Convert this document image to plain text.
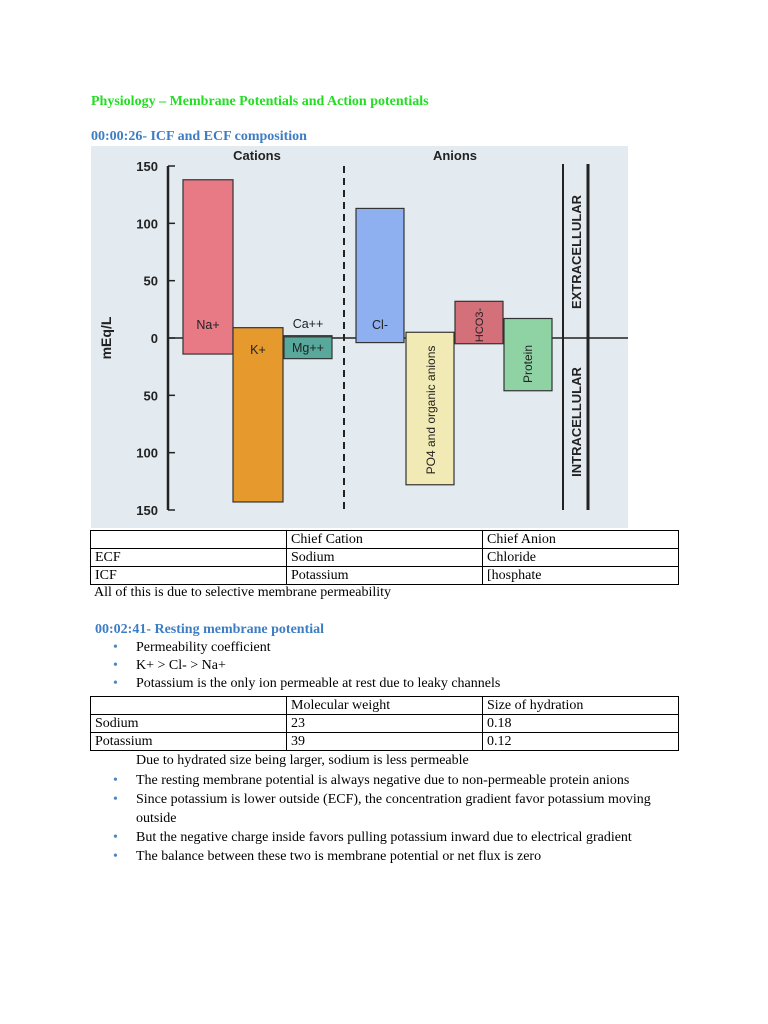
Physiology – Membrane Potentials and Action potentials
00:00:26- ICF and ECF composition
150
100
50
0
50
100
150
Na+
K+
Ca++
Mg++
Cl-
PO4 and organic anions
HCO3-
Protein
mEq/L
Cations	Anions
EXTRACELLULAR
INTRACELLULAR
	Chief Cation	Chief Anion
ECF	Sodium	Chloride
ICF	Potassium	[hosphate
All of this is due to selective membrane permeability
00:02:41- Resting membrane potential
• Permeability coefficient
• K+ > Cl- > Na+
• Potassium is the only ion permeable at rest due to leaky channels
	Molecular weight	Size of hydration
Sodium	23	0.18
Potassium	39	0.12
Due to hydrated size being larger, sodium is less permeable
• The resting membrane potential is always negative due to non-permeable protein anions
• Since potassium is lower outside (ECF), the concentration gradient favor potassium moving outside
• But the negative charge inside favors pulling potassium inward due to electrical gradient
• The balance between these two is membrane potential or net flux is zero
